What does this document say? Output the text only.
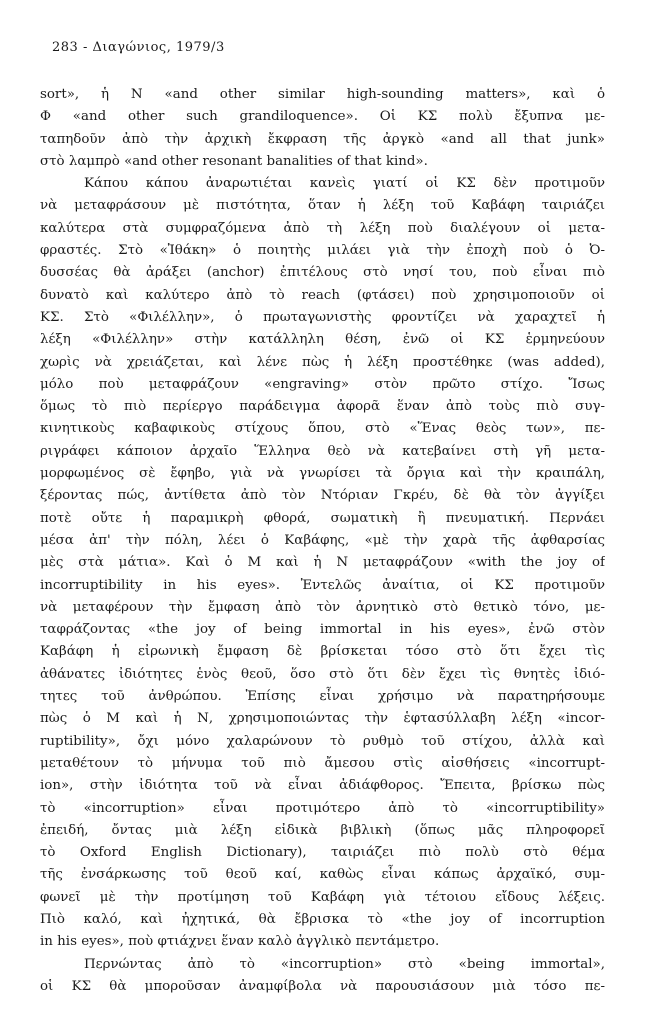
283 - Διαγώνιος, 1979/3
sort», ἡ Ν «and other similar high-sounding matters», καὶ ὁ
Φ «and other such grandiloquence». Οἱ ΚΣ πολὺ ἔξυπνα με-
ταπηδοῦν ἀπὸ τὴν ἀρχικὴ ἔκφραση τῆς ἀργκὸ «and all that junk»
στὸ λαμπρὸ «and other resonant banalities of that kind».
Κάπου κάπου ἀναρωτιέται κανεὶς γιατί οἱ ΚΣ δὲν προτιμοῦν
νὰ μεταφράσουν μὲ πιστότητα, ὅταν ἡ λέξη τοῦ Καβάφη ταιριάζει
καλύτερα στὰ συμφραζόμενα ἀπὸ τὴ λέξη ποὺ διαλέγουν οἱ μετα-
φραστές. Στὸ «Ἰθάκη» ὁ ποιητὴς μιλάει γιὰ τὴν ἐποχὴ ποὺ ὁ Ὀ-
δυσσέας θὰ ἀράξει (anchor) ἐπιτέλους στὸ νησί του, ποὺ εἶναι πιὸ
δυνατὸ καὶ καλύτερο ἀπὸ τὸ reach (φτάσει) ποὺ χρησιμοποιοῦν οἱ
ΚΣ. Στὸ «Φιλέλλην», ὁ πρωταγωνιστὴς φροντίζει νὰ χαραχτεῖ ἡ
λέξη «Φιλέλλην» στὴν κατάλληλη θέση, ἐνῶ οἱ ΚΣ ἑρμηνεύουν
χωρὶς νὰ χρειάζεται, καὶ λένε πὼς ἡ λέξη προστέθηκε (was added),
μόλο ποὺ μεταφράζουν «engraving» στὸν πρῶτο στίχο. Ἴσως
ὅμως τὸ πιὸ περίεργο παράδειγμα ἀφορᾶ ἕναν ἀπὸ τοὺς πιὸ συγ-
κινητικοὺς καβαφικοὺς στίχους ὅπου, στὸ «Ἕνας θεὸς των», πε-
ριγράφει κάποιον ἀρχαῖο Ἕλληνα θεὸ νὰ κατεβαίνει στὴ γῆ μετα-
μορφωμένος σὲ ἔφηβο, γιὰ νὰ γνωρίσει τὰ ὄργια καὶ τὴν κραιπάλη,
ξέροντας πώς, ἀντίθετα ἀπὸ τὸν Ντόριαν Γκρέυ, δὲ θὰ τὸν ἀγγίξει
ποτὲ οὔτε ἡ παραμικρὴ φθορά, σωματικὴ ἢ πνευματική. Περνάει
μέσα ἀπ' τὴν πόλη, λέει ὁ Καβάφης, «μὲ τὴν χαρὰ τῆς ἀφθαρσίας
μὲς στὰ μάτια». Καὶ ὁ Μ καὶ ἡ Ν μεταφράζουν «with the joy of
incorruptibility in his eyes». Ἐντελῶς ἀναίτια, οἱ ΚΣ προτιμοῦν
νὰ μεταφέρουν τὴν ἔμφαση ἀπὸ τὸν ἀρνητικὸ στὸ θετικὸ τόνο, με-
ταφράζοντας «the joy of being immortal in his eyes», ἐνῶ στὸν
Καβάφη ἡ εἰρωνικὴ ἔμφαση δὲ βρίσκεται τόσο στὸ ὅτι ἔχει τὶς
ἀθάνατες ἰδιότητες ἑνὸς θεοῦ, ὅσο στὸ ὅτι δὲν ἔχει τὶς θνητὲς ἰδιό-
τητες τοῦ ἀνθρώπου. Ἐπίσης εἶναι χρήσιμο νὰ παρατηρήσουμε
πὼς ὁ Μ καὶ ἡ Ν, χρησιμοποιώντας τὴν ἑφτασύλλαβη λέξη «incor-
ruptibility», ὄχι μόνο χαλαρώνουν τὸ ρυθμὸ τοῦ στίχου, ἀλλὰ καὶ
μεταθέτουν τὸ μήνυμα τοῦ πιὸ ἄμεσου στὶς αἰσθήσεις «incorrupt-
ion», στὴν ἰδιότητα τοῦ νὰ εἶναι ἀδιάφθορος. Ἔπειτα, βρίσκω πὼς
τὸ «incorruption» εἶναι προτιμότερο ἀπὸ τὸ «incorruptibility»
ἐπειδή, ὄντας μιὰ λέξη εἰδικὰ βιβλικὴ (ὅπως μᾶς πληροφορεῖ
τὸ Oxford English Dictionary), ταιριάζει πιὸ πολὺ στὸ θέμα
τῆς ἐνσάρκωσης τοῦ θεοῦ καί, καθὼς εἶναι κάπως ἀρχαϊκό, συμ-
φωνεῖ μὲ τὴν προτίμηση τοῦ Καβάφη γιὰ τέτοιου εἴδους λέξεις.
Πιὸ καλό, καὶ ἠχητικά, θὰ ἔβρισκα τὸ «the joy of incorruption
in his eyes», ποὺ φτιάχνει ἕναν καλὸ ἀγγλικὸ πεντάμετρο.
Περνώντας ἀπὸ τὸ «incorruption» στὸ «being immortal»,
οἱ ΚΣ θὰ μποροῦσαν ἀναμφίβολα νὰ παρουσιάσουν μιὰ τόσο πε-
